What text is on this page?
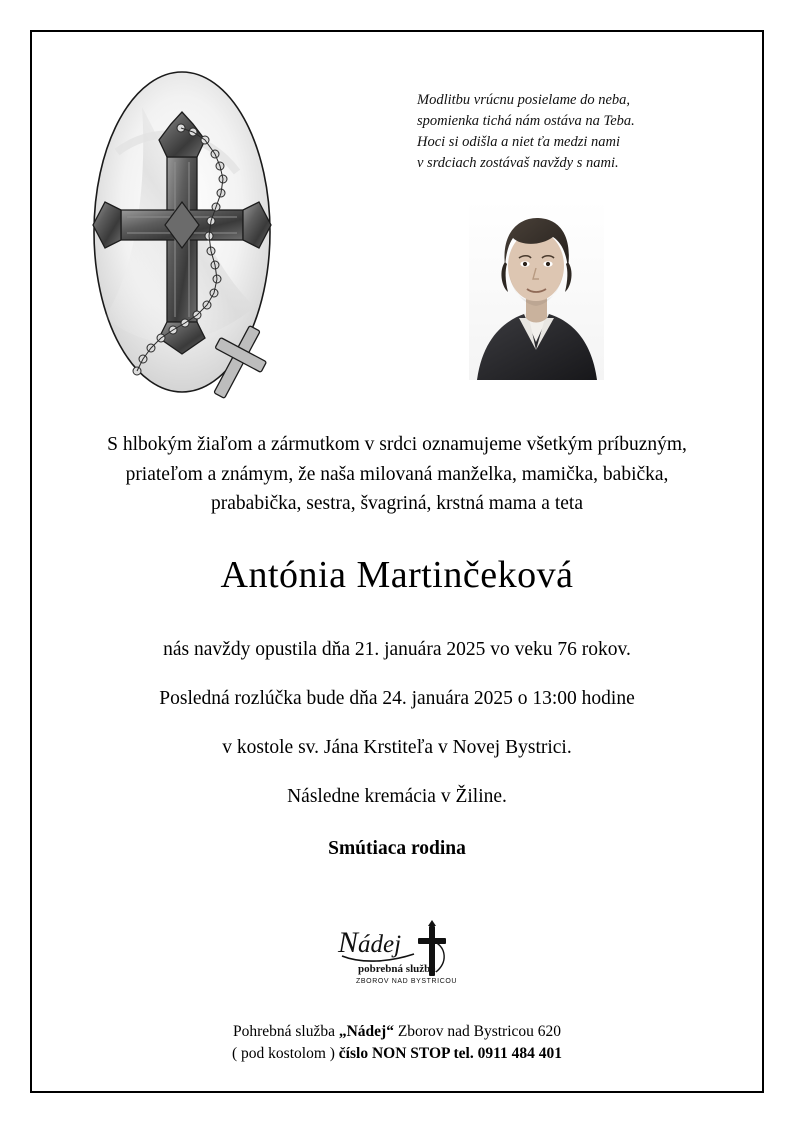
Modlitbu vrúcnu posielame do neba,
spomienka tichá nám ostáva na Teba.
Hoci si odišla a niet ťa medzi nami
v srdciach zostávaš navždy s nami.
S hlbokým žiaľom a zármutkom v srdci oznamujeme všetkým príbuzným,
priateľom a známym, že naša milovaná manželka, mamička, babička,
prababička, sestra, švagriná, krstná mama a teta
Antónia Martinčeková
nás navždy opustila dňa 21. januára 2025 vo veku 76 rokov.
Posledná rozlúčka bude dňa 24. januára 2025 o 13:00 hodine
v kostole sv. Jána Krstiteľa v Novej Bystrici.
Následne kremácia v Žiline.
Smútiaca rodina
N ádej
pobrebná služba
ZBOROV NAD BYSTRICOU
Pohrebná služba „Nádej“ Zborov nad Bystricou 620
( pod kostolom ) číslo NON STOP tel. 0911 484 401
